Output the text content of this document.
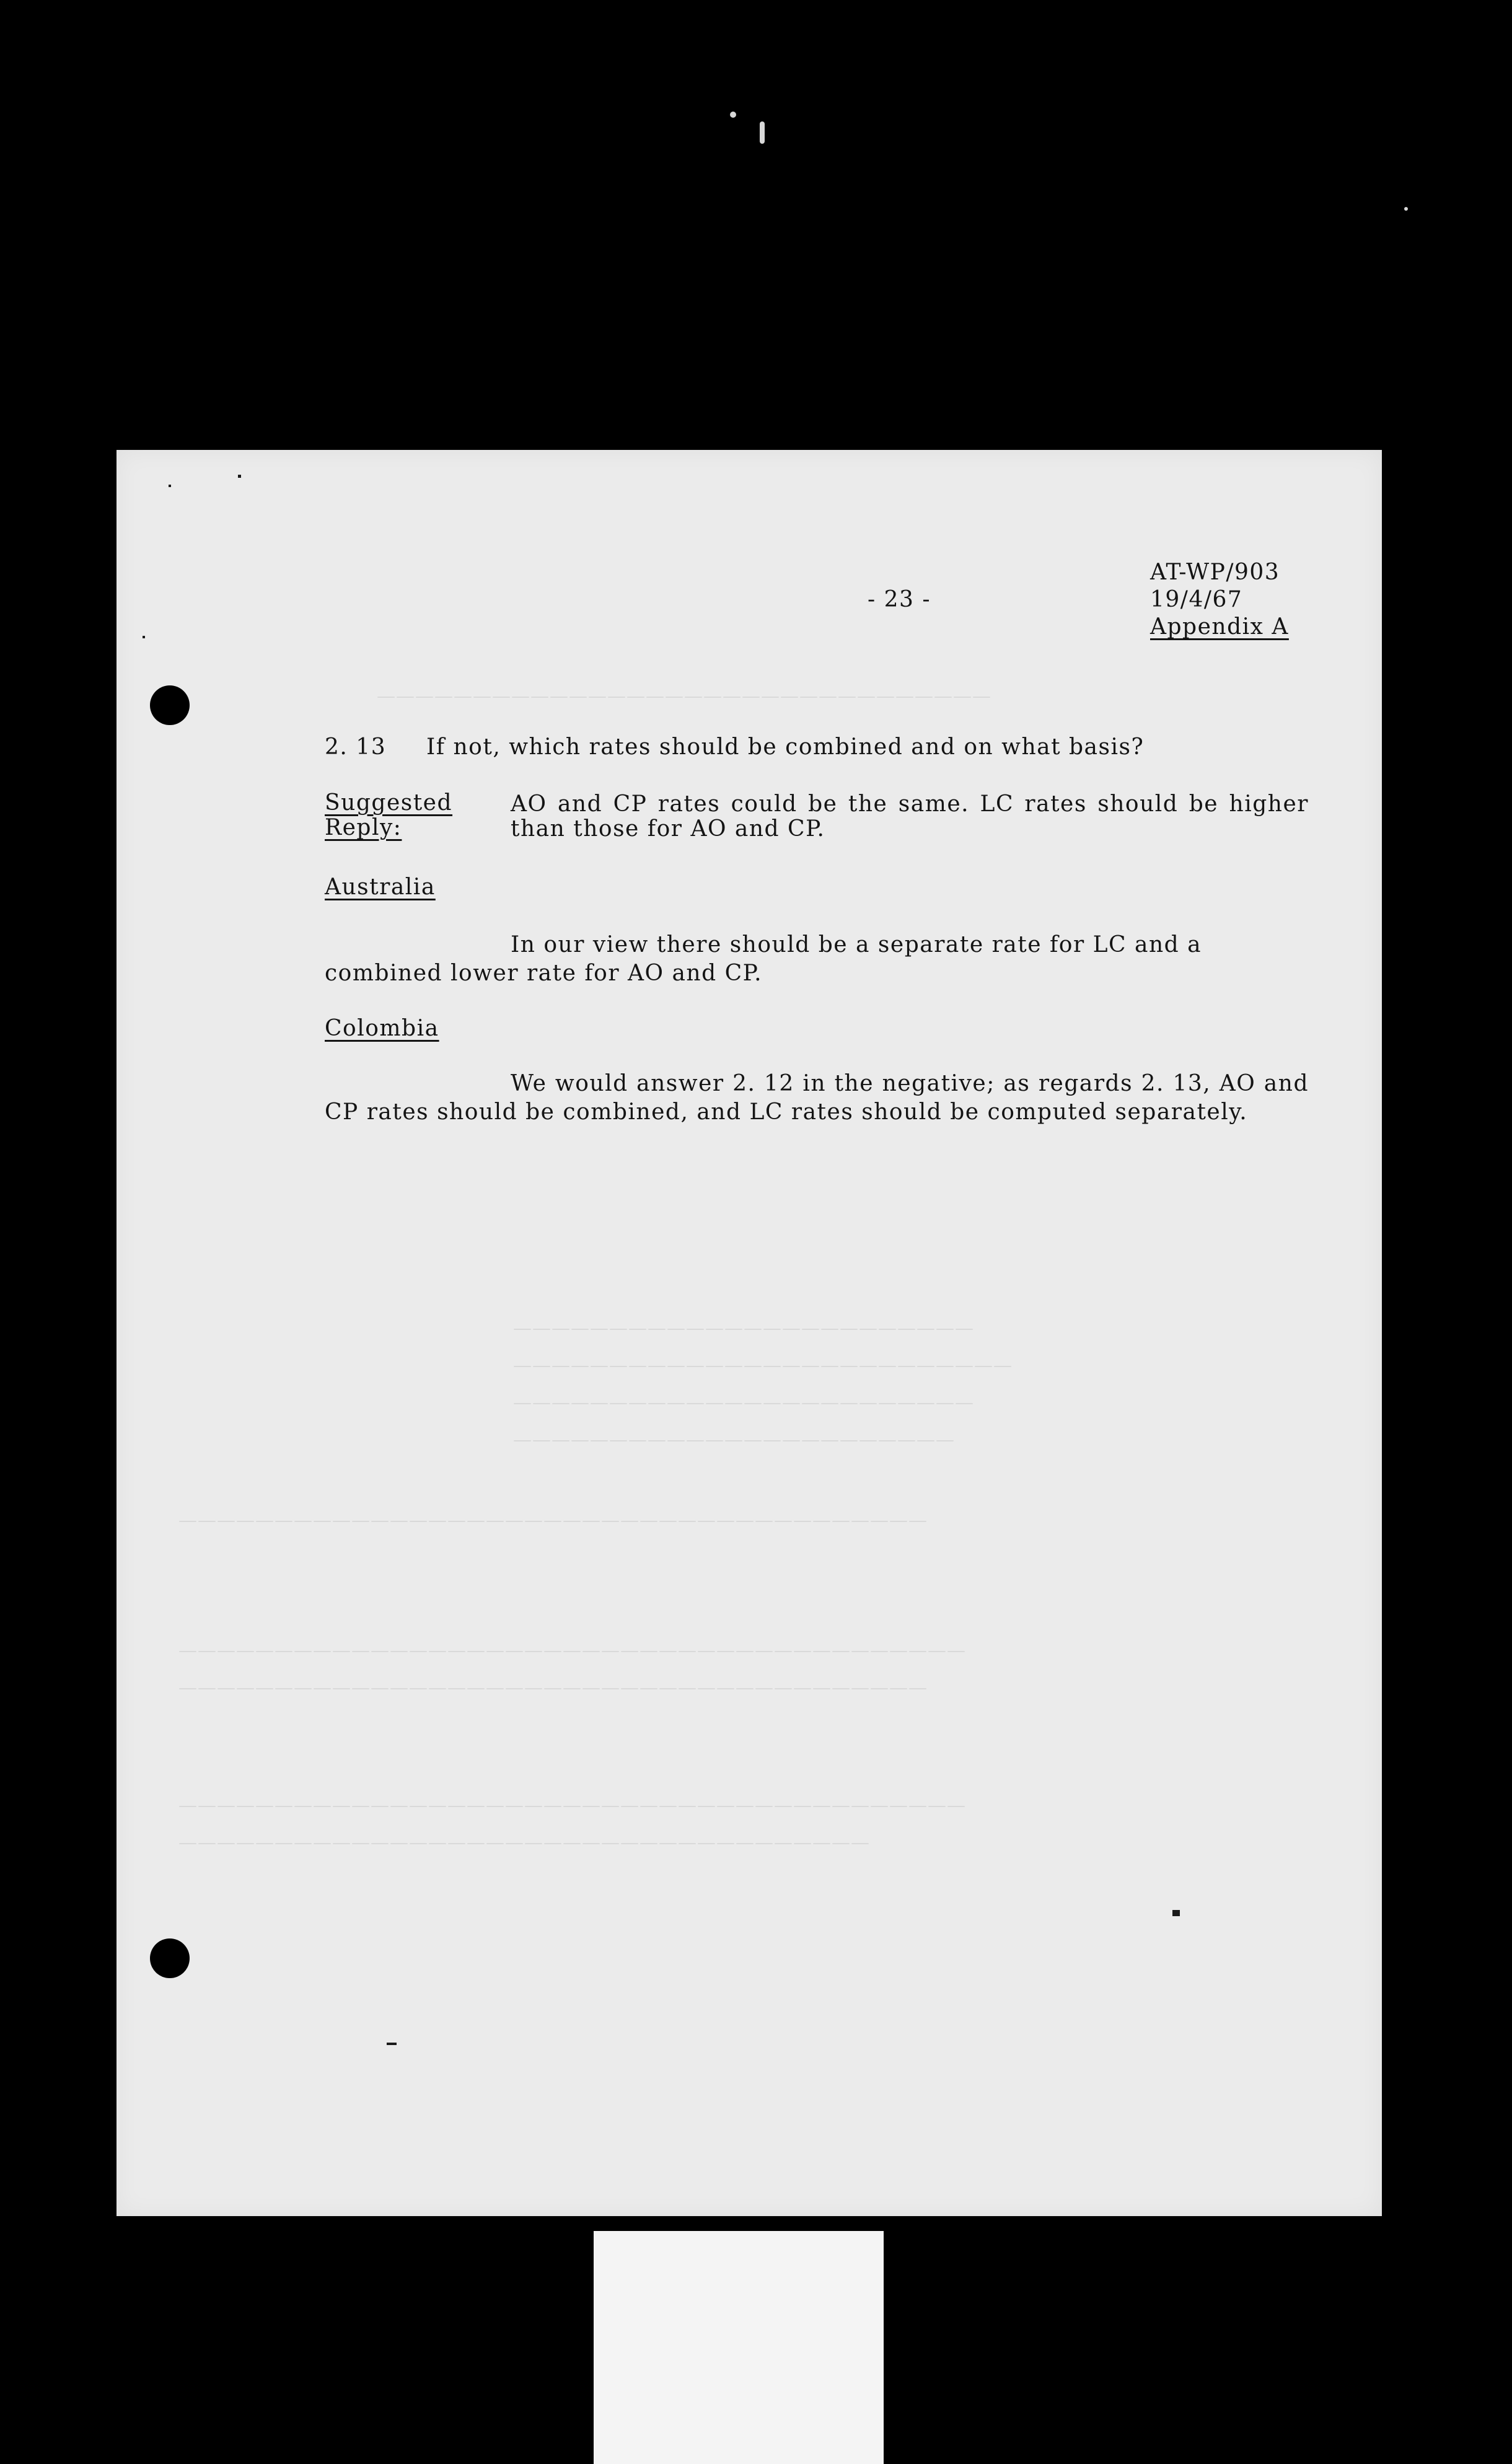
————————————————————————————————
————————————————————————
——————————————————————————
————————————————————————
———————————————————————
———————————————————————————————————————
—————————————————————————————————————————
———————————————————————————————————————
—————————————————————————————————————————
————————————————————————————————————
- 23 -
AT-WP/903
19/4/67
Appendix A
2. 13 If not, which rates should be combined and on what basis?
Suggested
Reply:
AO and CP rates could be the same. LC rates should be higher
than those for AO and CP.
Australia
In our view there should be a separate rate for LC and a
combined lower rate for AO and CP.
Colombia
We would answer 2. 12 in the negative; as regards 2. 13, AO and
CP rates should be combined, and LC rates should be computed separately.
